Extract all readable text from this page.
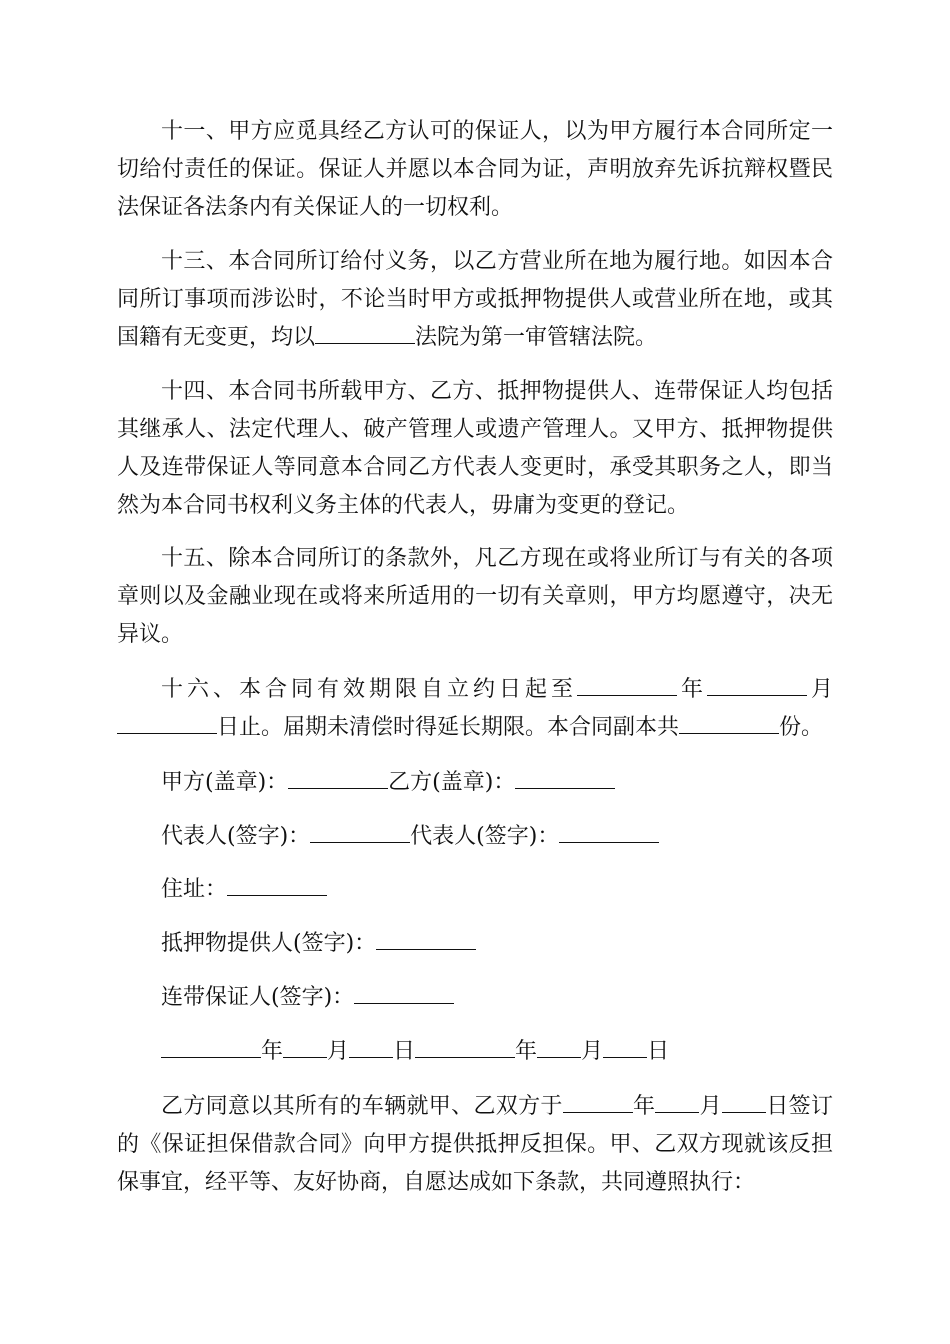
十一、甲方应觅具经乙方认可的保证人，以为甲方履行本合同所定一切给付责任的保证。保证人并愿以本合同为证，声明放弃先诉抗辩权暨民法保证各法条内有关保证人的一切权利。

十三、本合同所订给付义务，以乙方营业所在地为履行地。如因本合同所订事项而涉讼时，不论当时甲方或抵押物提供人或营业所在地，或其国籍有无变更，均以	法院为第一审管辖法院。

十四、本合同书所载甲方、乙方、抵押物提供人、连带保证人均包括其继承人、法定代理人、破产管理人或遗产管理人。又甲方、抵押物提供人及连带保证人等同意本合同乙方代表人变更时，承受其职务之人，即当然为本合同书权利义务主体的代表人，毋庸为变更的登记。

十五、除本合同所订的条款外，凡乙方现在或将业所订与有关的各项章则以及金融业现在或将来所适用的一切有关章则，甲方均愿遵守，决无异议。

十六、本合同有效期限自立约日起至	年	月日止。届期未清偿时得延长期限。本合同副本共	份。

甲方(盖章)：	乙方(盖章)：

代表人(签字)：	代表人(签字)：

住址：

抵押物提供人(签字)：

连带保证人(签字)：

年 月 日	年 月 日

乙方同意以其所有的车辆就甲、乙双方于	年 月 日签订的《保证担保借款合同》向甲方提供抵押反担保。甲、乙双方现就该反担保事宜，经平等、友好协商，自愿达成如下条款，共同遵照执行：
